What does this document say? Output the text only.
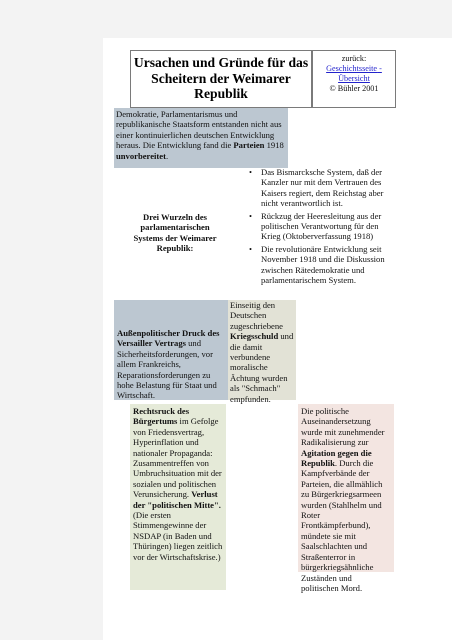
Ursachen und Gründe für das Scheitern der Weimarer Republik
zurück:
Geschichtsseite -
Übersicht
© Bühler 2001
Demokratie, Parlamentarismus und republikanische Staatsform entstanden nicht aus einer kontinuierlichen deutschen Entwicklung heraus. Die Entwicklung fand die Parteien 1918 unvorbereitet.
Drei Wurzeln des parlamentarischen Systems der Weimarer Republik:
• Das Bismarcksche System, daß der Kanzler nur mit dem Vertrauen des Kaisers regiert, dem Reichstag aber nicht verantwortlich ist.
• Rückzug der Heeresleitung aus der politischen Verantwortung für den Krieg (Oktoberverfassung 1918)
• Die revolutionäre Entwicklung seit November 1918 und die Diskussion zwischen Rätedemokratie und parlamentarischem System.
Außenpolitischer Druck des Versailler Vertrags und Sicherheitsforderungen, vor allem Frankreichs, Reparationsforderungen zu hohe Belastung für Staat und Wirtschaft.
Einseitig den Deutschen zugeschriebene Kriegsschuld und die damit verbundene moralische Ächtung wurden als "Schmach" empfunden.
Rechtsruck des Bürgertums im Gefolge von Friedensvertrag, Hyperinflation und nationaler Propaganda: Zusammentreffen von Umbruchsituation mit der sozialen und politischen Verunsicherung. Verlust der "politischen Mitte". (Die ersten Stimmengewinne der NSDAP (in Baden und Thüringen) liegen zeitlich vor der Wirtschaftskrise.)
Die politische Auseinandersetzung wurde mit zunehmender Radikalisierung zur Agitation gegen die Republik. Durch die Kampfverbände der Parteien, die allmählich zu Bürgerkriegsarmeen wurden (Stahlhelm und Roter Frontkämpferbund), mündete sie mit Saalschlachten und Straßenterror in bürgerkriegsähnliche Zuständen und politischen Mord.
